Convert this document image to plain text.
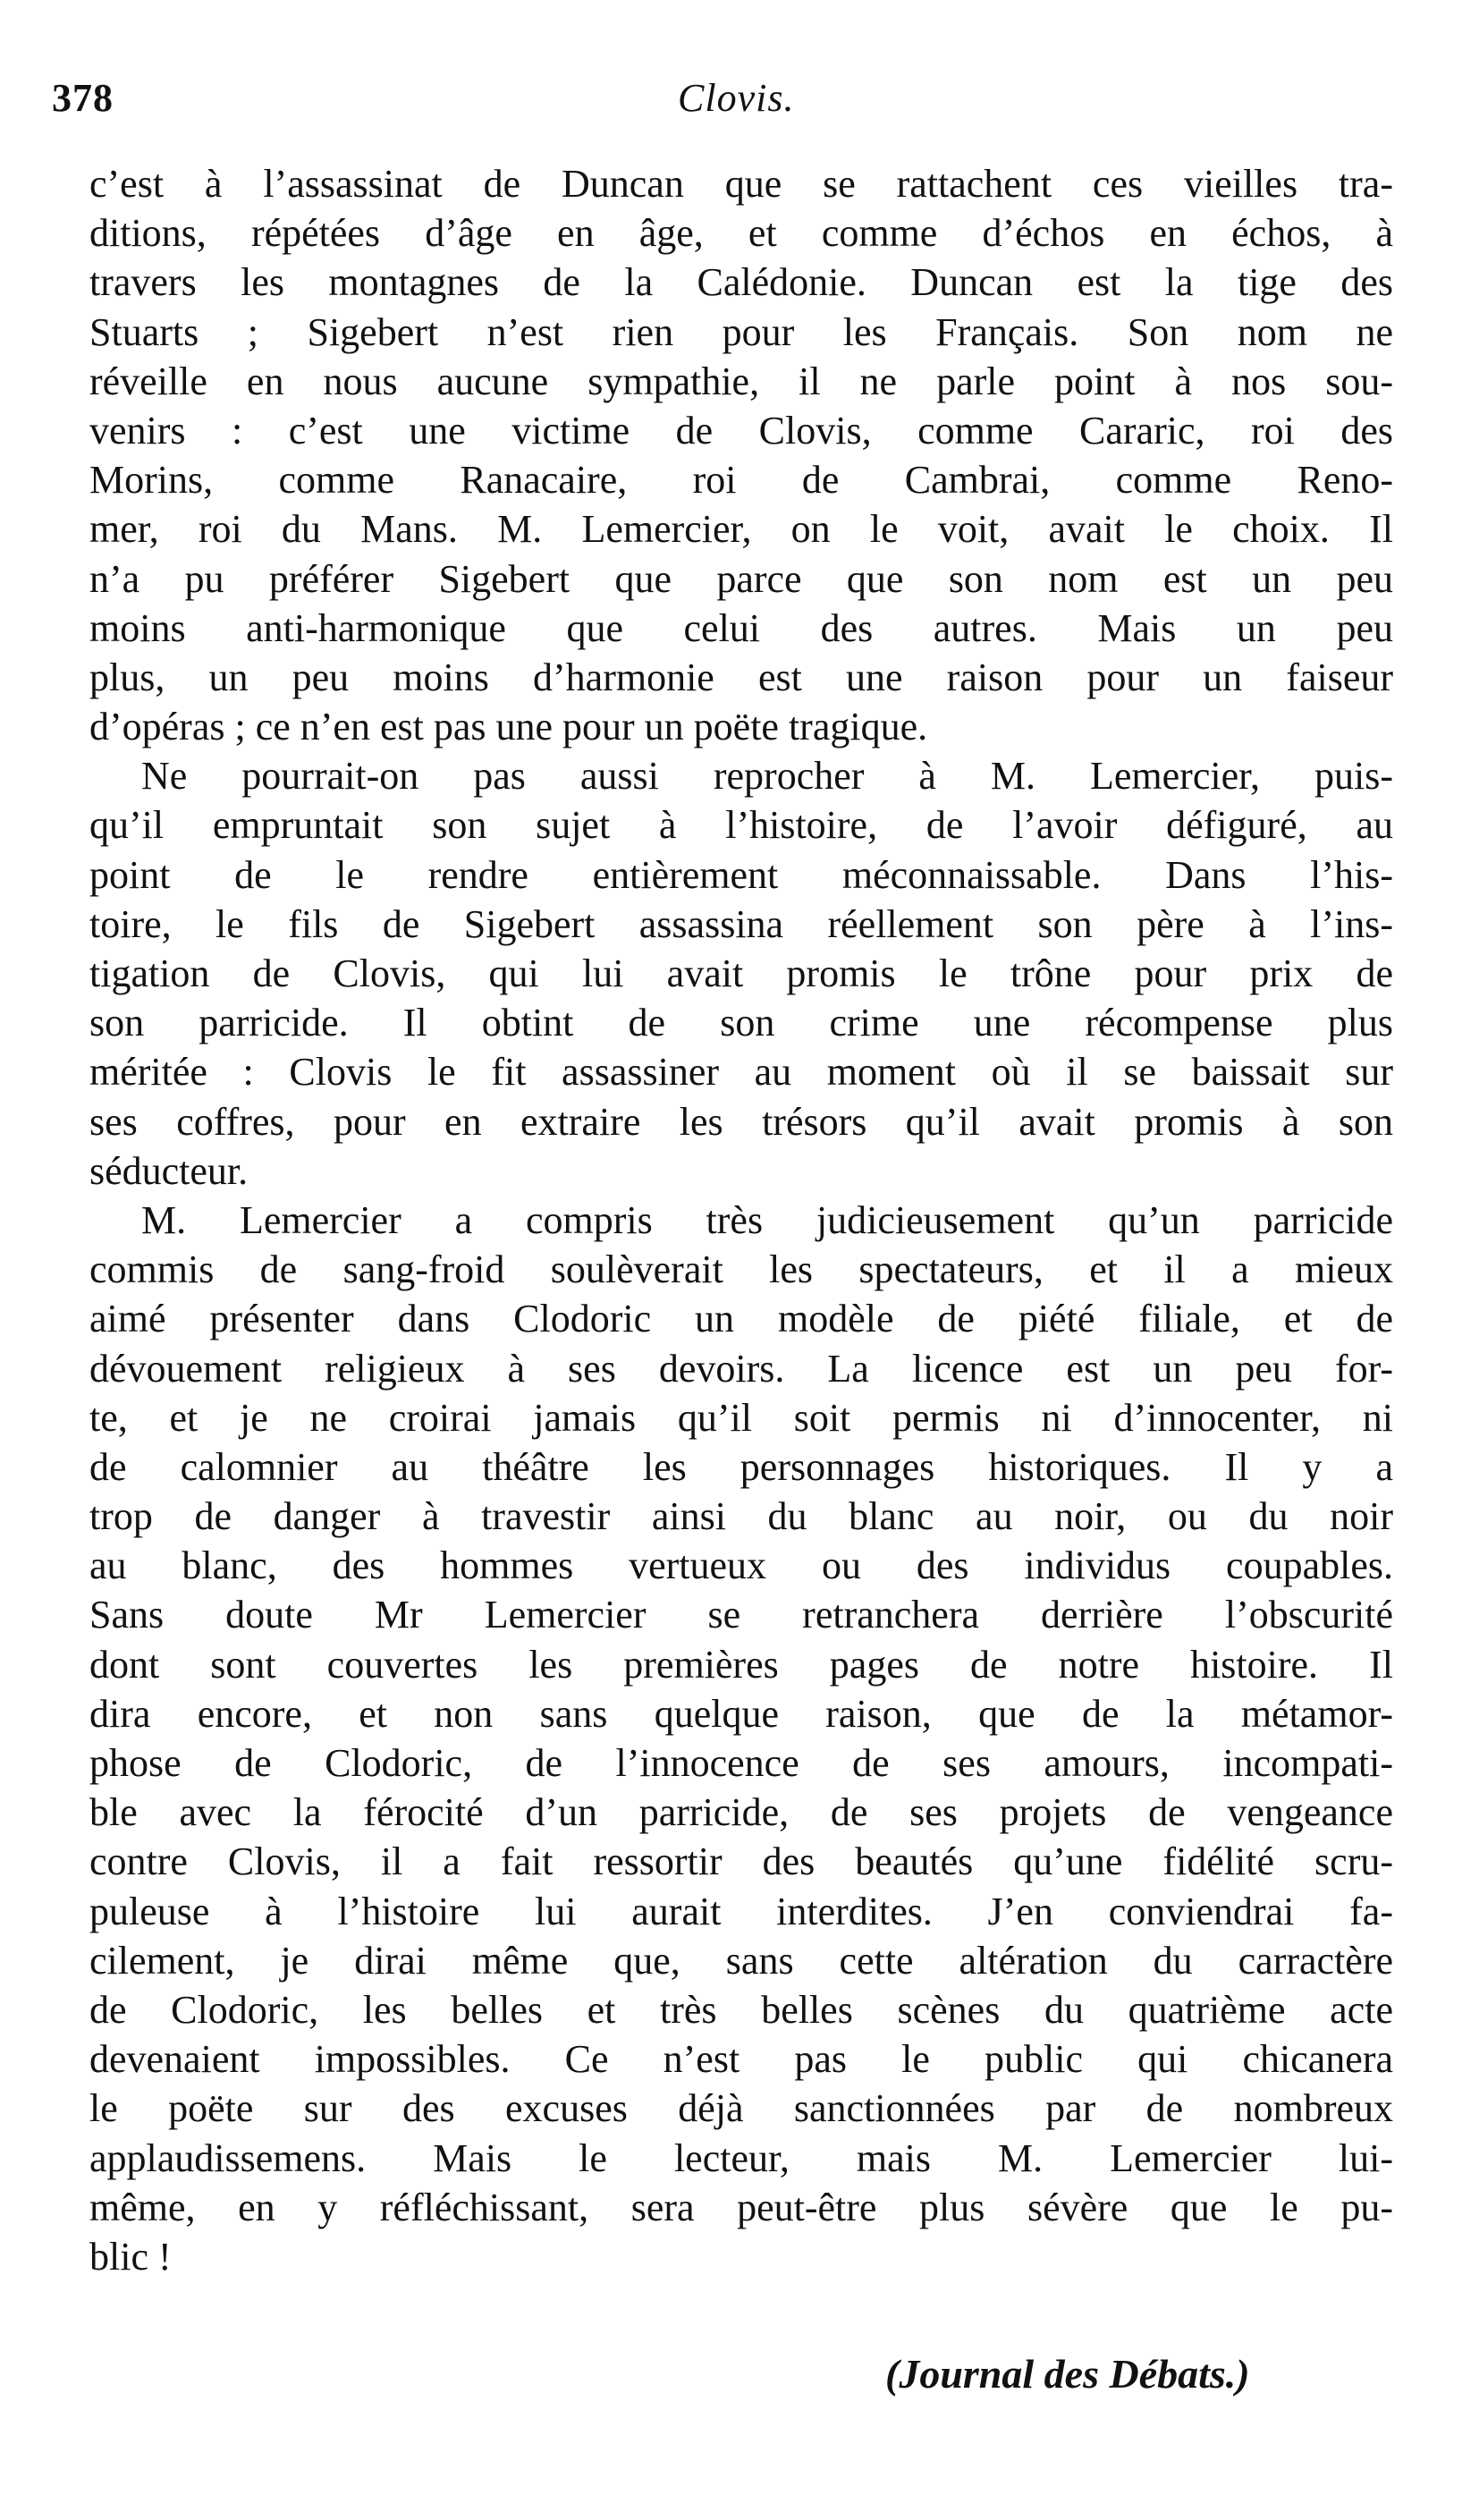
378	Clovis.
c’est à l’assassinat de Duncan que se rattachent ces vieilles tra-
ditions, répétées d’âge en âge, et comme d’échos en échos, à
travers les montagnes de la Calédonie. Duncan est la tige des
Stuarts ; Sigebert n’est rien pour les Français. Son nom ne
réveille en nous aucune sympathie, il ne parle point à nos sou-
venirs : c’est une victime de Clovis, comme Cararic, roi des
Morins, comme Ranacaire, roi de Cambrai, comme Reno-
mer, roi du Mans. M. Lemercier, on le voit, avait le choix. Il
n’a pu préférer Sigebert que parce que son nom est un peu
moins anti-harmonique que celui des autres. Mais un peu
plus, un peu moins d’harmonie est une raison pour un faiseur
d’opéras ; ce n’en est pas une pour un poëte tragique.
Ne pourrait-on pas aussi reprocher à M. Lemercier, puis-
qu’il empruntait son sujet à l’histoire, de l’avoir défiguré, au
point de le rendre entièrement méconnaissable. Dans l’his-
toire, le fils de Sigebert assassina réellement son père à l’ins-
tigation de Clovis, qui lui avait promis le trône pour prix de
son parricide. Il obtint de son crime une récompense plus
méritée : Clovis le fit assassiner au moment où il se baissait sur
ses coffres, pour en extraire les trésors qu’il avait promis à son
séducteur.
M. Lemercier a compris très judicieusement qu’un parricide
commis de sang-froid soulèverait les spectateurs, et il a mieux
aimé présenter dans Clodoric un modèle de piété filiale, et de
dévouement religieux à ses devoirs. La licence est un peu for-
te, et je ne croirai jamais qu’il soit permis ni d’innocenter, ni
de calomnier au théâtre les personnages historiques. Il y a
trop de danger à travestir ainsi du blanc au noir, ou du noir
au blanc, des hommes vertueux ou des individus coupables.
Sans doute Mr Lemercier se retranchera derrière l’obscurité
dont sont couvertes les premières pages de notre histoire. Il
dira encore, et non sans quelque raison, que de la métamor-
phose de Clodoric, de l’innocence de ses amours, incompati-
ble avec la férocité d’un parricide, de ses projets de vengeance
contre Clovis, il a fait ressortir des beautés qu’une fidélité scru-
puleuse à l’histoire lui aurait interdites. J’en conviendrai fa-
cilement, je dirai même que, sans cette altération du carractère
de Clodoric, les belles et très belles scènes du quatrième acte
devenaient impossibles. Ce n’est pas le public qui chicanera
le poëte sur des excuses déjà sanctionnées par de nombreux
applaudissemens. Mais le lecteur, mais M. Lemercier lui-
même, en y réfléchissant, sera peut-être plus sévère que le pu-
blic !
(Journal des Débats.)
